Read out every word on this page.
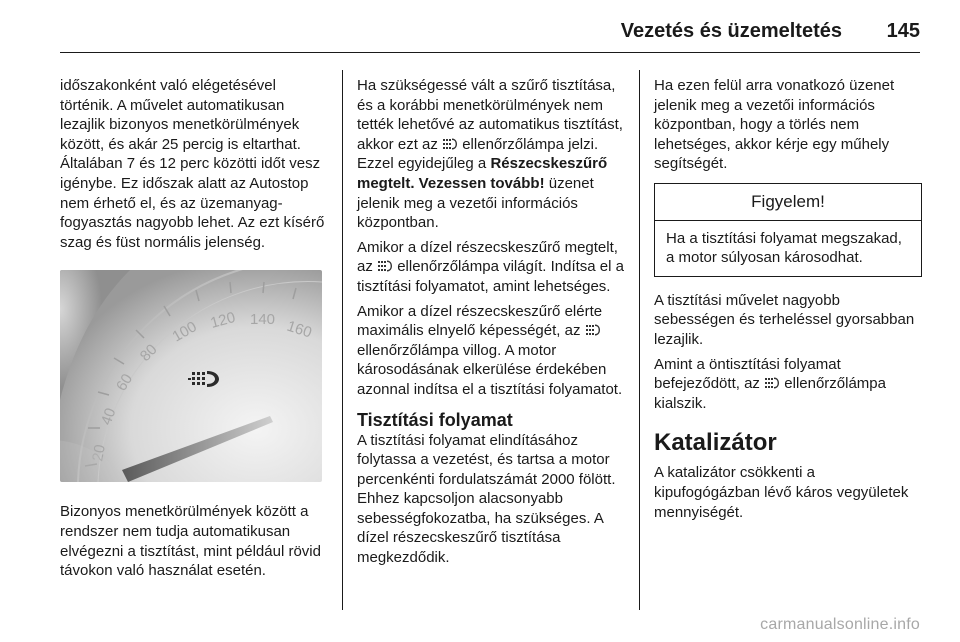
Vezetés és üzemeltetés 145

időszakonként való elégetésével történik. A művelet automatikusan lezajlik bizonyos menetkörülmények között, és akár 25 percig is eltarthat. Általában 7 és 12 perc közötti időt vesz igénybe. Ez időszak alatt az Autostop nem érhető el, és az üzemanyag-fogyasztás nagyobb lehet. Az ezt kísérő szag és füst normális jelenség.

20
40
60
80
100 120 140 160

Bizonyos menetkörülmények között a rendszer nem tudja automatikusan elvégezni a tisztítást, mint például rövid távokon való használat esetén.

Ha szükségessé vált a szűrő tisztítása, és a korábbi menetkörülmények nem tették lehetővé az automatikus tisztítást, akkor ezt az ellenőrzőlámpa jelzi. Ezzel egyidejűleg a Részecskeszűrő megtelt. Vezessen tovább! üzenet jelenik meg a vezetői információs központban.

Amikor a dízel részecskeszűrő megtelt, az ellenőrzőlámpa világít. Indítsa el a tisztítási folyamatot, amint lehetséges.

Amikor a dízel részecskeszűrő elérte maximális elnyelő képességét, az  ellenőrzőlámpa villog. A motor károsodásának elkerülése érdekében azonnal indítsa el a tisztítási folyamatot.

Tisztítási folyamat

A tisztítási folyamat elindításához folytassa a vezetést, és tartsa a motor percenkénti fordulatszámát 2000 fölött. Ehhez kapcsoljon alacsonyabb sebességfokozatba, ha szükséges. A dízel részecskeszűrő tisztítása megkezdődik.

Ha ezen felül arra vonatkozó üzenet jelenik meg a vezetői információs központban, hogy a törlés nem lehetséges, akkor kérje egy műhely segítségét.

Figyelem!
Ha a tisztítási folyamat megszakad, a motor súlyosan károsodhat.

A tisztítási művelet nagyobb sebességen és terheléssel gyorsabban lezajlik.

Amint a öntisztítási folyamat befejeződött, az ellenőrzőlámpa kialszik.

Katalizátor

A katalizátor csökkenti a kipufogógázban lévő káros vegyületek mennyiségét.

carmanualsonline.info
